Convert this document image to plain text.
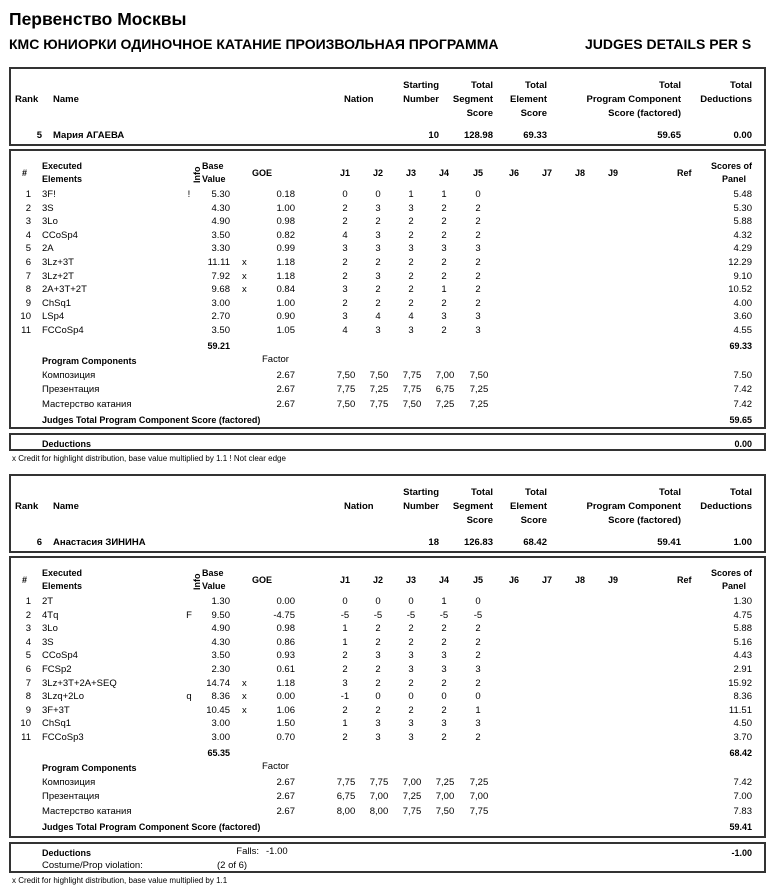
Первенство Москвы
КМС ЮНИОРКИ ОДИНОЧНОЕ КАТАНИЕ ПРОИЗВОЛЬНАЯ ПРОГРАММА	JUDGES DETAILS PER S
Rank Name	Nation
Starting
Number
Total
Segment
Score
Total
Element
Score
Total
Program Component
Score (factored)
Total
Deductions
5 Мария АГАЕВА	10	128.98	69.33	59.65	0.00
#
Executed
Elements	Info
Base
Value
GOE	J1	J2	J3	J4	J5	J6	J7	J8	J9	Ref
Scores of
Panel
1 3F!	!	5.30	0.18	0	0	1	1	0	5.48
2 3S	4.30	1.00	2	3	3	2	2	5.30
3 3Lo	4.90	0.98	2	2	2	2	2	5.88
4 CCoSp4	3.50	0.82	4	3	2	2	2	4.32
5 2A	3.30	0.99	3	3	3	3	3	4.29
6 3Lz+3T	11.11 x	1.18	2	2	2	2	2	12.29
7 3Lz+2T	7.92 x	1.18	2	3	2	2	2	9.10
8 2A+3T+2T	9.68 x	0.84	3	2	2	1	2	10.52
9 ChSq1	3.00	1.00	2	2	2	2	2	4.00
10 LSp4	2.70	0.90	3	4	4	3	3	3.60
11 FCCoSp4	3.50	1.05	4	3	3	2	3	4.55
59.21	69.33
Program Components	Factor
Композиция	2.67	7,50	7,50	7,75	7,00	7,50	7.50
Презентация	2.67	7,75	7,25	7,75	6,75	7,25	7.42
Мастерство катания	2.67	7,50	7,75	7,50	7,25	7,25	7.42
Judges Total Program Component Score (factored)	59.65
Deductions	0.00
x Credit for highlight distribution, base value multiplied by 1.1 ! Not clear edge
Rank Name	Nation
Starting
Number
Total
Segment
Score
Total
Element
Score
Total
Program Component
Score (factored)
Total
Deductions
6 Анастасия ЗИНИНА	18	126.83	68.42	59.41	1.00
#
Executed
Elements	Info
Base
Value
GOE	J1	J2	J3	J4	J5	J6	J7	J8	J9	Ref
Scores of
Panel
1 2T	1.30	0.00	0	0	0	1	0	1.30
2 4Tq	F	9.50	-4.75	-5	-5	-5	-5	-5	4.75
3 3Lo	4.90	0.98	1	2	2	2	2	5.88
4 3S	4.30	0.86	1	2	2	2	2	5.16
5 CCoSp4	3.50	0.93	2	3	3	3	2	4.43
6 FCSp2	2.30	0.61	2	2	3	3	3	2.91
7 3Lz+3T+2A+SEQ	14.74 x	1.18	3	2	2	2	2	15.92
8 3Lzq+2Lo	q	8.36 x	0.00	-1	0	0	0	0	8.36
9 3F+3T	10.45 x	1.06	2	2	2	2	1	11.51
10 ChSq1	3.00	1.50	1	3	3	3	3	4.50
11 FCCoSp3	3.00	0.70	2	3	3	2	2	3.70
65.35	68.42
Program Components	Factor
Композиция	2.67	7,75	7,75	7,00	7,25	7,25	7.42
Презентация	2.67	6,75	7,00	7,25	7,00	7,00	7.00
Мастерство катания	2.67	8,00	8,00	7,75	7,50	7,75	7.83
Judges Total Program Component Score (factored)	59.41
Deductions	-1.00
Falls: -1.00
Costume/Prop violation:	(2 of 6)
x Credit for highlight distribution, base value multiplied by 1.1
